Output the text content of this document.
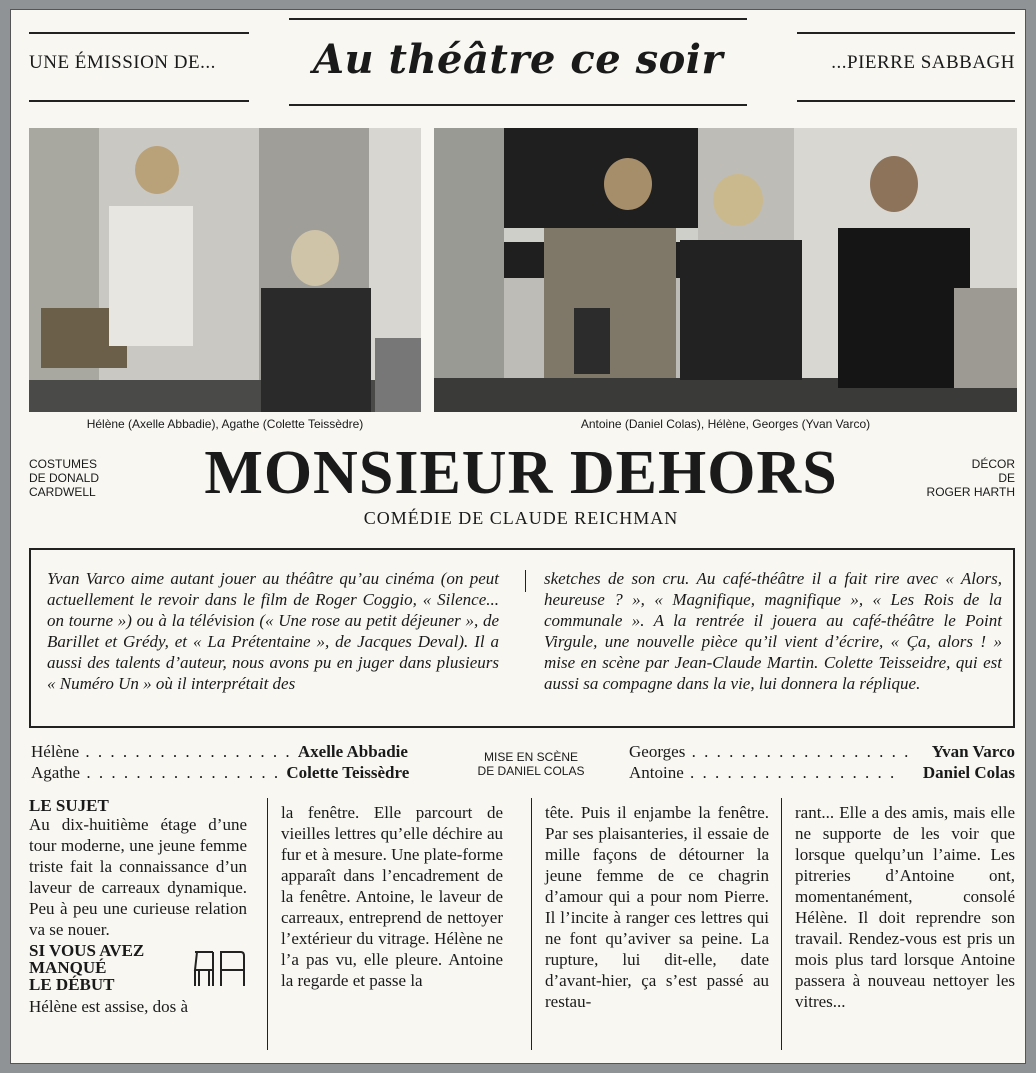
UNE ÉMISSION DE...	Au théâtre ce soir	...PIERRE SABBAGH
Hélène (Axelle Abbadie), Agathe (Colette Teissèdre)	Antoine (Daniel Colas), Hélène, Georges (Yvan Varco)
COSTUMES
DE DONALD
CARDWELL
DÉCOR
DE
ROGER HARTH
MONSIEUR DEHORS
COMÉDIE DE CLAUDE REICHMAN
Yvan Varco aime autant jouer au théâtre qu’au cinéma (on peut actuellement le revoir dans le film de Roger Coggio, « Silence... on tourne ») ou à la télévision (« Une rose au petit déjeuner », de Barillet et Grédy, et « La Prétentaine », de Jacques Deval). Il a aussi des talents d’auteur, nous avons pu en juger dans plusieurs « Numéro Un » où il interprétait des
sketches de son cru. Au café-théâtre il a fait rire avec « Alors, heureuse ? », « Magnifique, magnifique », « Les Rois de la communale ». A la rentrée il jouera au café-théâtre le Point Virgule, une nouvelle pièce qu’il vient d’écrire, « Ça, alors ! » mise en scène par Jean-Claude Martin. Colette Teisseidre, qui est aussi sa compagne dans la vie, lui donnera la réplique.
Hélène . . . . . . . . . . . . . . . . . Axelle Abbadie
Agathe . . . . . . . . . . . . . . . . Colette Teissèdre
MISE EN SCÈNE
DE DANIEL COLAS
Georges . . . . . . . . . . . . . . . . . . Yvan Varco
Antoine . . . . . . . . . . . . . . . . . Daniel Colas
LE SUJET
Au dix-huitième étage d’une tour moderne, une jeune femme triste fait la connaissance d’un laveur de carreaux dynamique. Peu à peu une curieuse relation va se nouer.
SI VOUS AVEZ
MANQUÉ
LE DÉBUT
Hélène est assise, dos à
la fenêtre. Elle parcourt de vieilles lettres qu’elle déchire au fur et à mesure. Une plate-forme apparaît dans l’encadrement de la fenêtre. Antoine, le laveur de carreaux, entreprend de nettoyer l’extérieur du vitrage. Hélène ne l’a pas vu, elle pleure. Antoine la regarde et passe la
tête. Puis il enjambe la fenêtre. Par ses plaisanteries, il essaie de mille façons de détourner la jeune femme de ce chagrin d’amour qui a pour nom Pierre. Il l’incite à ranger ces lettres qui ne font qu’aviver sa peine. La rupture, lui dit-elle, date d’avant-hier, ça s’est passé au restau-
rant... Elle a des amis, mais elle ne supporte de les voir que lorsque quelqu’un l’aime. Les pitreries d’Antoine ont, momentanément, consolé Hélène. Il doit reprendre son travail. Rendez-vous est pris un mois plus tard lorsque Antoine passera à nouveau nettoyer les vitres...
